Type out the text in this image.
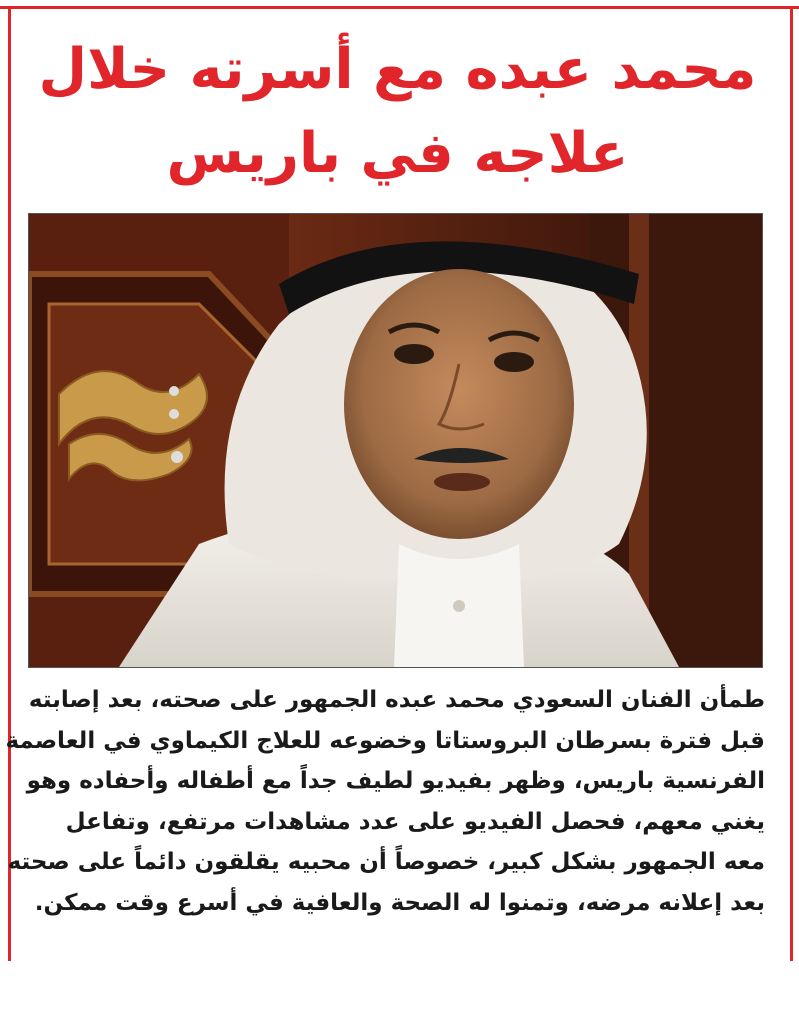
محمد عبده مع أسرته خلال
علاجه في باريس
طمأن الفنان السعودي محمد عبده الجمهور على صحته، بعد إصابته
قبل فترة بسرطان البروستاتا وخضوعه للعلاج الكيماوي في العاصمة
الفرنسية باريس، وظهر بفيديو لطيف جداً مع أطفاله وأحفاده وهو
يغني معهم، فحصل الفيديو على عدد مشاهدات مرتفع، وتفاعل
معه الجمهور بشكل كبير، خصوصاً أن محبيه يقلقون دائماً على صحته
بعد إعلانه مرضه، وتمنوا له الصحة والعافية في أسرع وقت ممكن.
